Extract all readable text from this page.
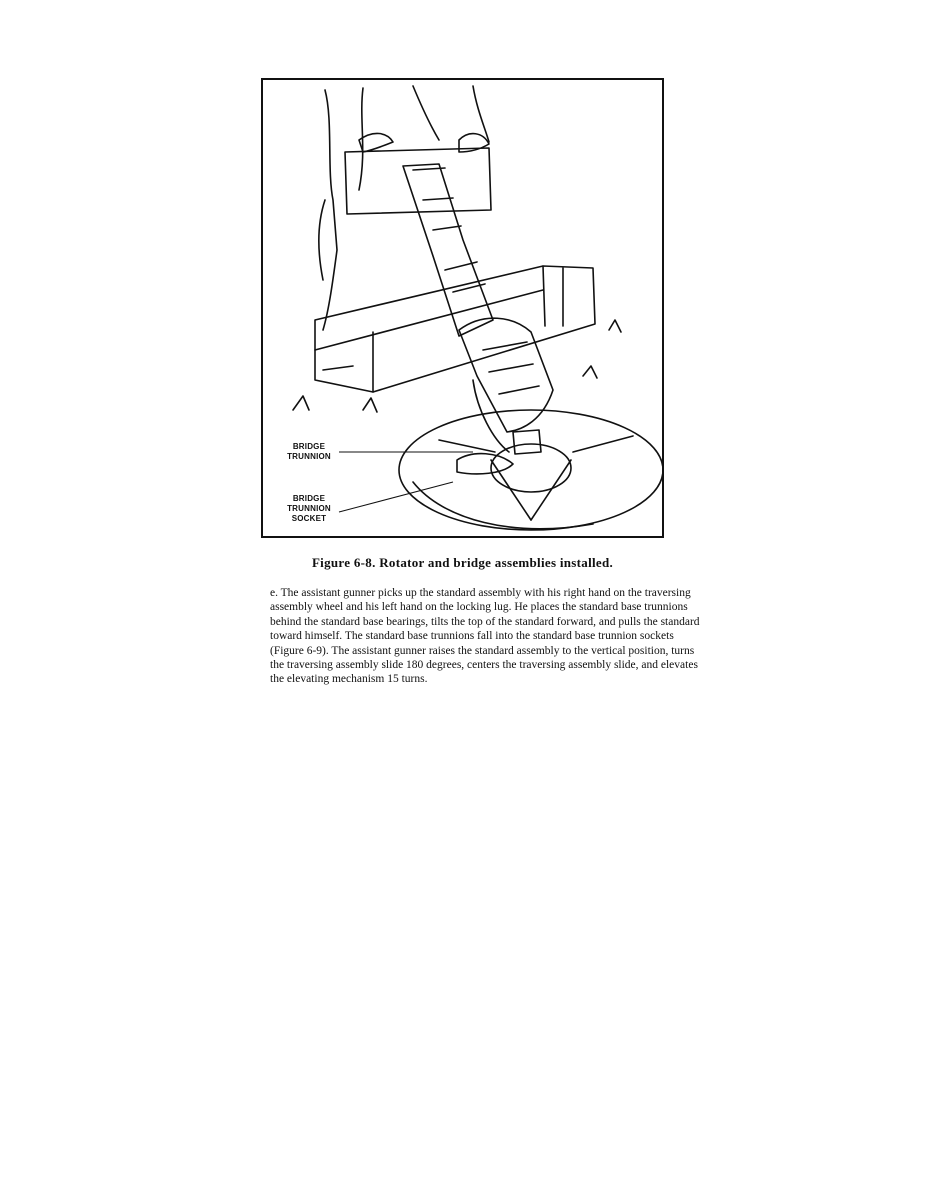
BRIDGE
TRUNNION
BRIDGE
TRUNNION
SOCKET
Figure 6-8. Rotator and bridge assemblies installed.

e. The assistant gunner picks up the standard assembly with his right hand on the traversing assembly wheel and his left hand on the locking lug. He places the standard base trunnions behind the standard base bearings, tilts the top of the standard forward, and pulls the standard toward himself. The standard base trunnions fall into the standard base trunnion sockets (Figure 6-9). The assistant gunner raises the standard assembly to the vertical position, turns the traversing assembly slide 180 degrees, centers the traversing assembly slide, and elevates the elevating mechanism 15 turns.
